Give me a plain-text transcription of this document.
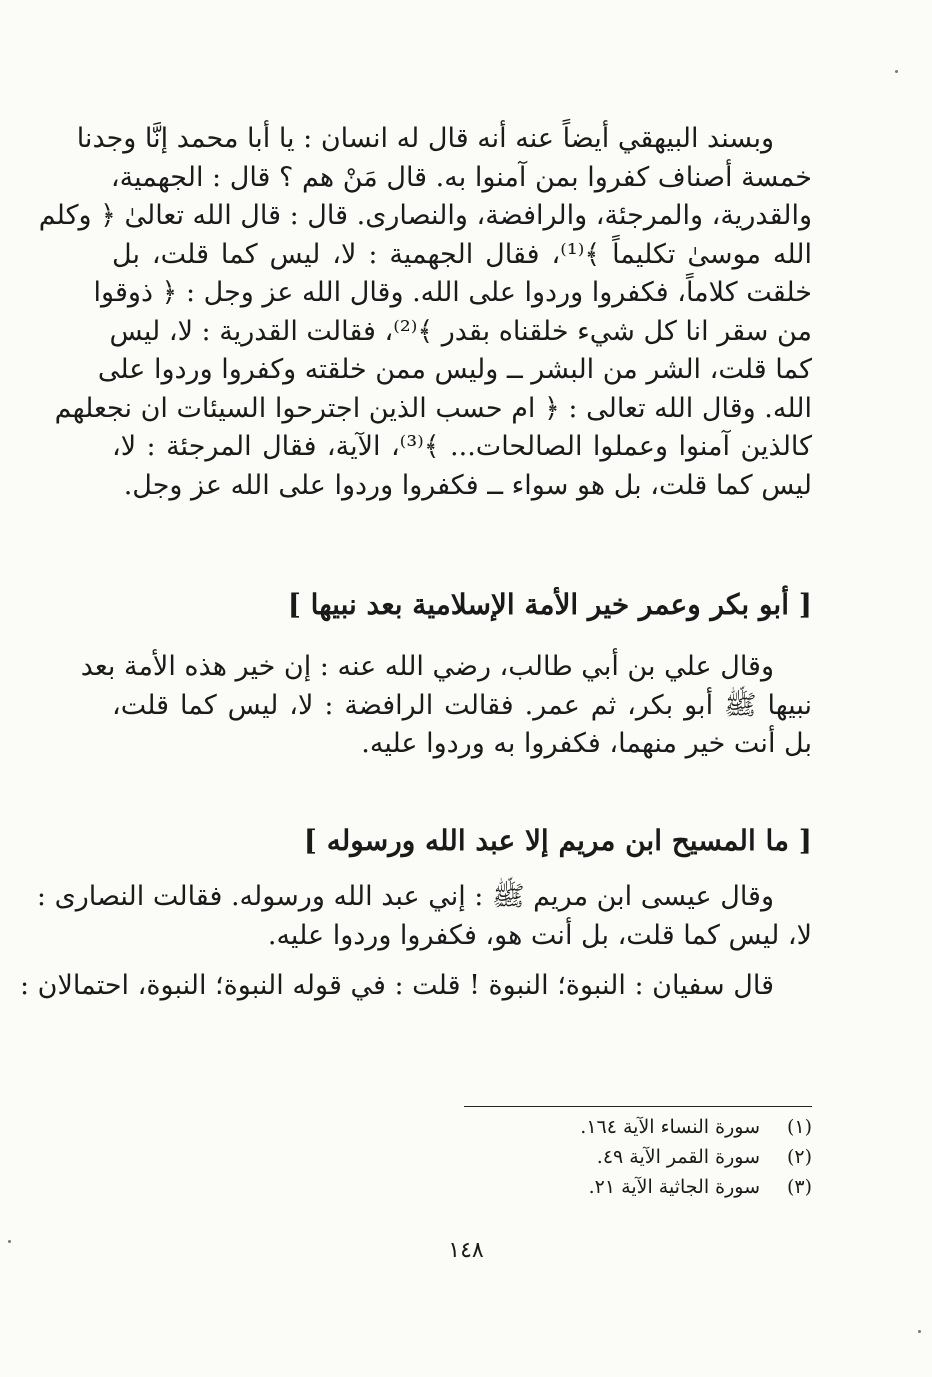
وبسند البيهقي أيضاً عنه أنه قال له انسان : يا أبا محمد إنَّا وجدنا
خمسة أصناف كفروا بمن آمنوا به. قال مَنْ هم ؟ قال : الجهمية،
والقدرية، والمرجئة، والرافضة، والنصارى. قال : قال الله تعالىٰ ﴿ وكلم
الله موسىٰ تكليماً ﴾⁽¹⁾، فقال الجهمية : لا، ليس كما قلت، بل
خلقت كلاماً، فكفروا وردوا على الله. وقال الله عز وجل : ﴿ ذوقوا
من سقر انا كل شيء خلقناه بقدر ﴾⁽²⁾، فقالت القدرية : لا، ليس
كما قلت، الشر من البشر ــ وليس ممن خلقته وكفروا وردوا على
الله. وقال الله تعالى : ﴿ ام حسب الذين اجترحوا السيئات ان نجعلهم
كالذين آمنوا وعملوا الصالحات... ﴾⁽³⁾، الآية، فقال المرجئة : لا،
ليس كما قلت، بل هو سواء ــ فكفروا وردوا على الله عز وجل.
[ أبو بكر وعمر خير الأمة الإسلامية بعد نبيها ]
وقال علي بن أبي طالب، رضي الله عنه : إن خير هذه الأمة بعد
نبيها ﷺ أبو بكر، ثم عمر. فقالت الرافضة : لا، ليس كما قلت،
بل أنت خير منهما، فكفروا به وردوا عليه.
[ ما المسيح ابن مريم إلا عبد الله ورسوله ]
وقال عيسى ابن مريم ﷺ : إني عبد الله ورسوله. فقالت النصارى :
لا، ليس كما قلت، بل أنت هو، فكفروا وردوا عليه.
قال سفيان : النبوة؛ النبوة ! قلت : في قوله النبوة؛ النبوة، احتمالان :
(١)
سورة النساء الآية ١٦٤.
(٢)
سورة القمر الآية ٤٩.
(٣)
سورة الجاثية الآية ٢١.
١٤٨
